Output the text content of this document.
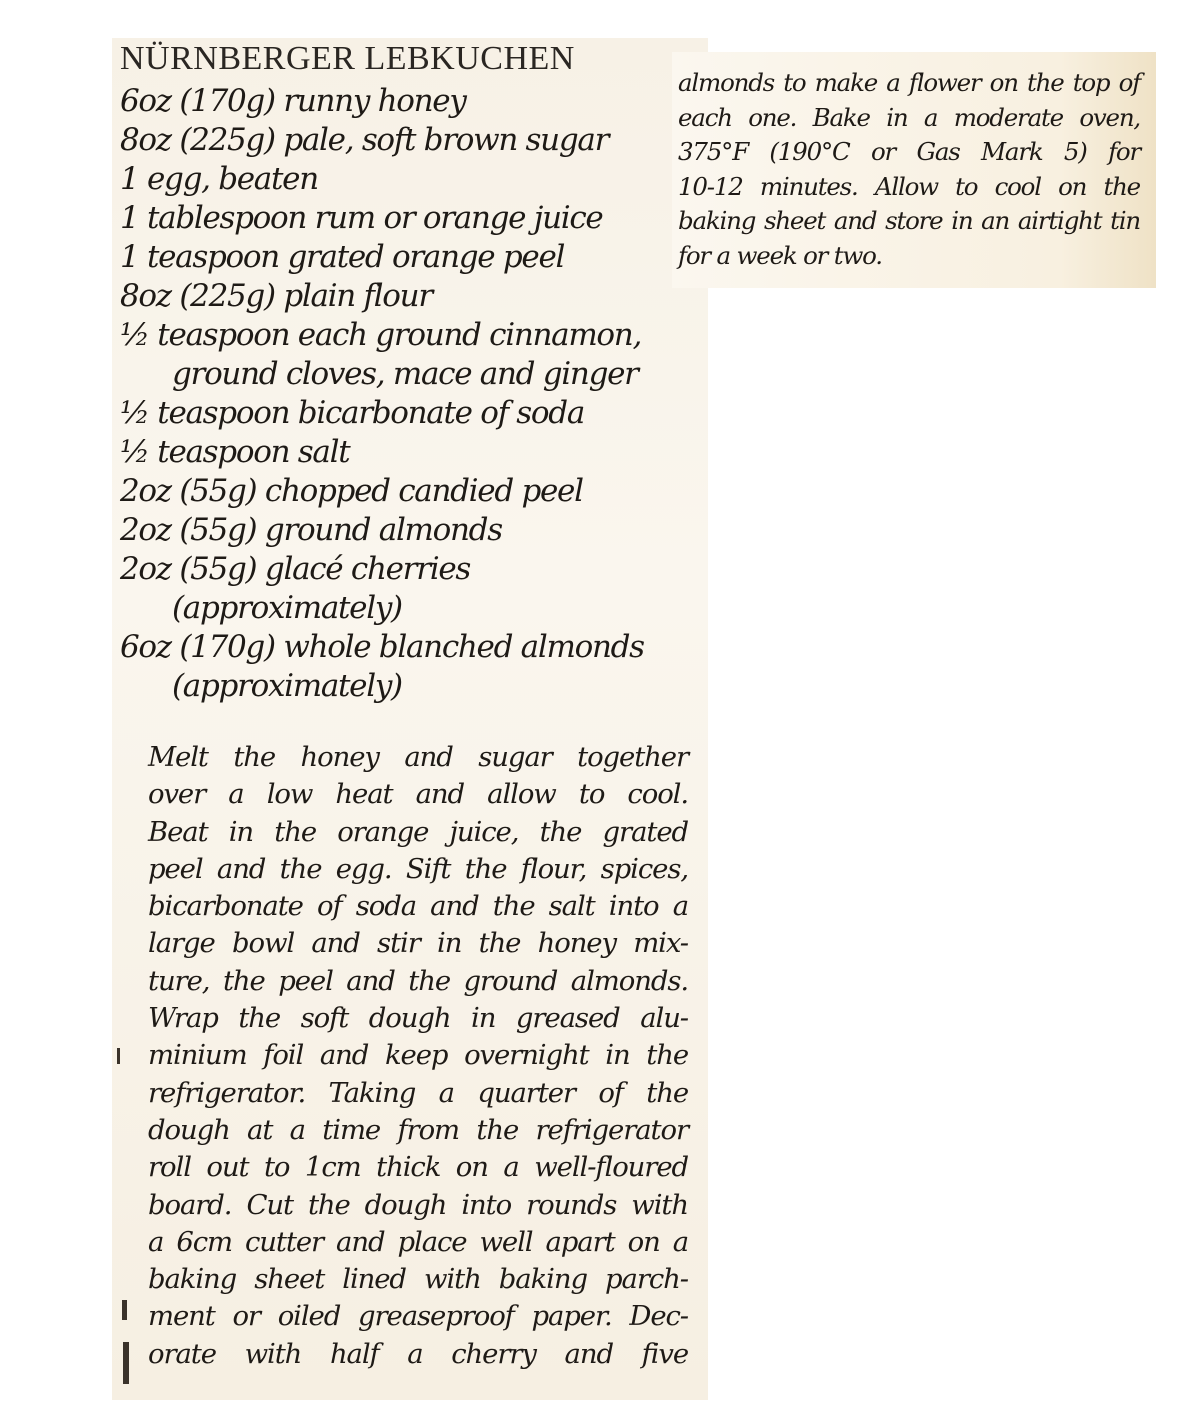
NÜRNBERGER LEBKUCHEN
6oz (170g) runny honey
8oz (225g) pale, soft brown sugar
1 egg, beaten
1 tablespoon rum or orange juice
1 teaspoon grated orange peel
8oz (225g) plain flour
½ teaspoon each ground cinnamon,
ground cloves, mace and ginger
½ teaspoon bicarbonate of soda
½ teaspoon salt
2oz (55g) chopped candied peel
2oz (55g) ground almonds
2oz (55g) glacé cherries
(approximately)
6oz (170g) whole blanched almonds
(approximately)
Melt the honey and sugar together
over a low heat and allow to cool.
Beat in the orange juice, the grated
peel and the egg. Sift the flour, spices,
bicarbonate of soda and the salt into a
large bowl and stir in the honey mix-
ture, the peel and the ground almonds.
Wrap the soft dough in greased alu-
minium foil and keep overnight in the
refrigerator. Taking a quarter of the
dough at a time from the refrigerator
roll out to 1cm thick on a well-floured
board. Cut the dough into rounds with
a 6cm cutter and place well apart on a
baking sheet lined with baking parch-
ment or oiled greaseproof paper. Dec-
orate with half a cherry and five
almonds to make a flower on the top of
each one. Bake in a moderate oven,
375°F (190°C or Gas Mark 5) for
10-12 minutes. Allow to cool on the
baking sheet and store in an airtight tin
for a week or two.
